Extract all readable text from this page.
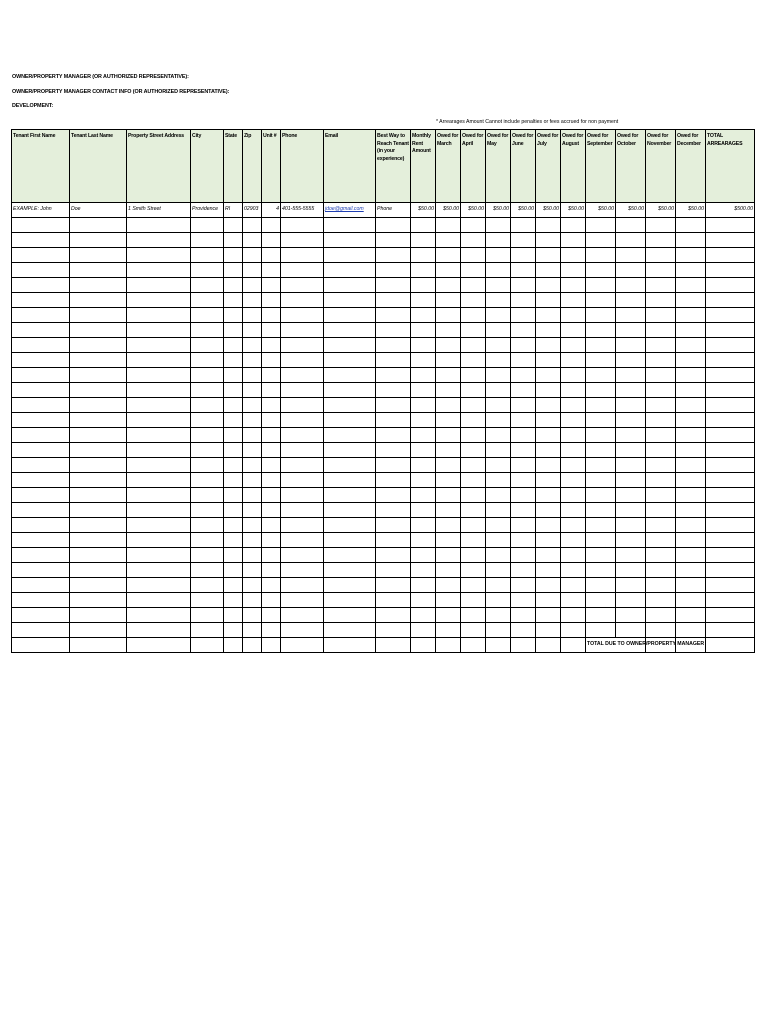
OWNER/PROPERTY MANAGER (OR AUTHORIZED REPRESENTATIVE):
OWNER/PROPERTY MANAGER CONTACT INFO (OR AUTHORIZED REPRESENTATIVE):
DEVELOPMENT:
* Arrearages Amount Cannot include penalties or fees accrued for non payment
Tenant First Name	Tenant Last Name	Property Street Address	City	State	Zip	Unit #	Phone	Email	Best Way to Reach Tenant (in your experience)	Monthly Rent Amount	Owed for March	Owed for April	Owed for May	Owed for June	Owed for July	Owed for August	Owed for September	Owed for October	Owed for November	Owed for December	TOTAL ARREARAGES
EXAMPLE: John	Doe	1 Smith Street	Providence	RI	02903	4	401-555-5555	jdoe@gmail.com	Phone	$50.00	$50.00	$50.00	$50.00	$50.00	$50.00	$50.00	$50.00	$50.00	$50.00	$50.00	$500.00

																	TOTAL DUE TO OWNER/PROPERTY MANAGER				
